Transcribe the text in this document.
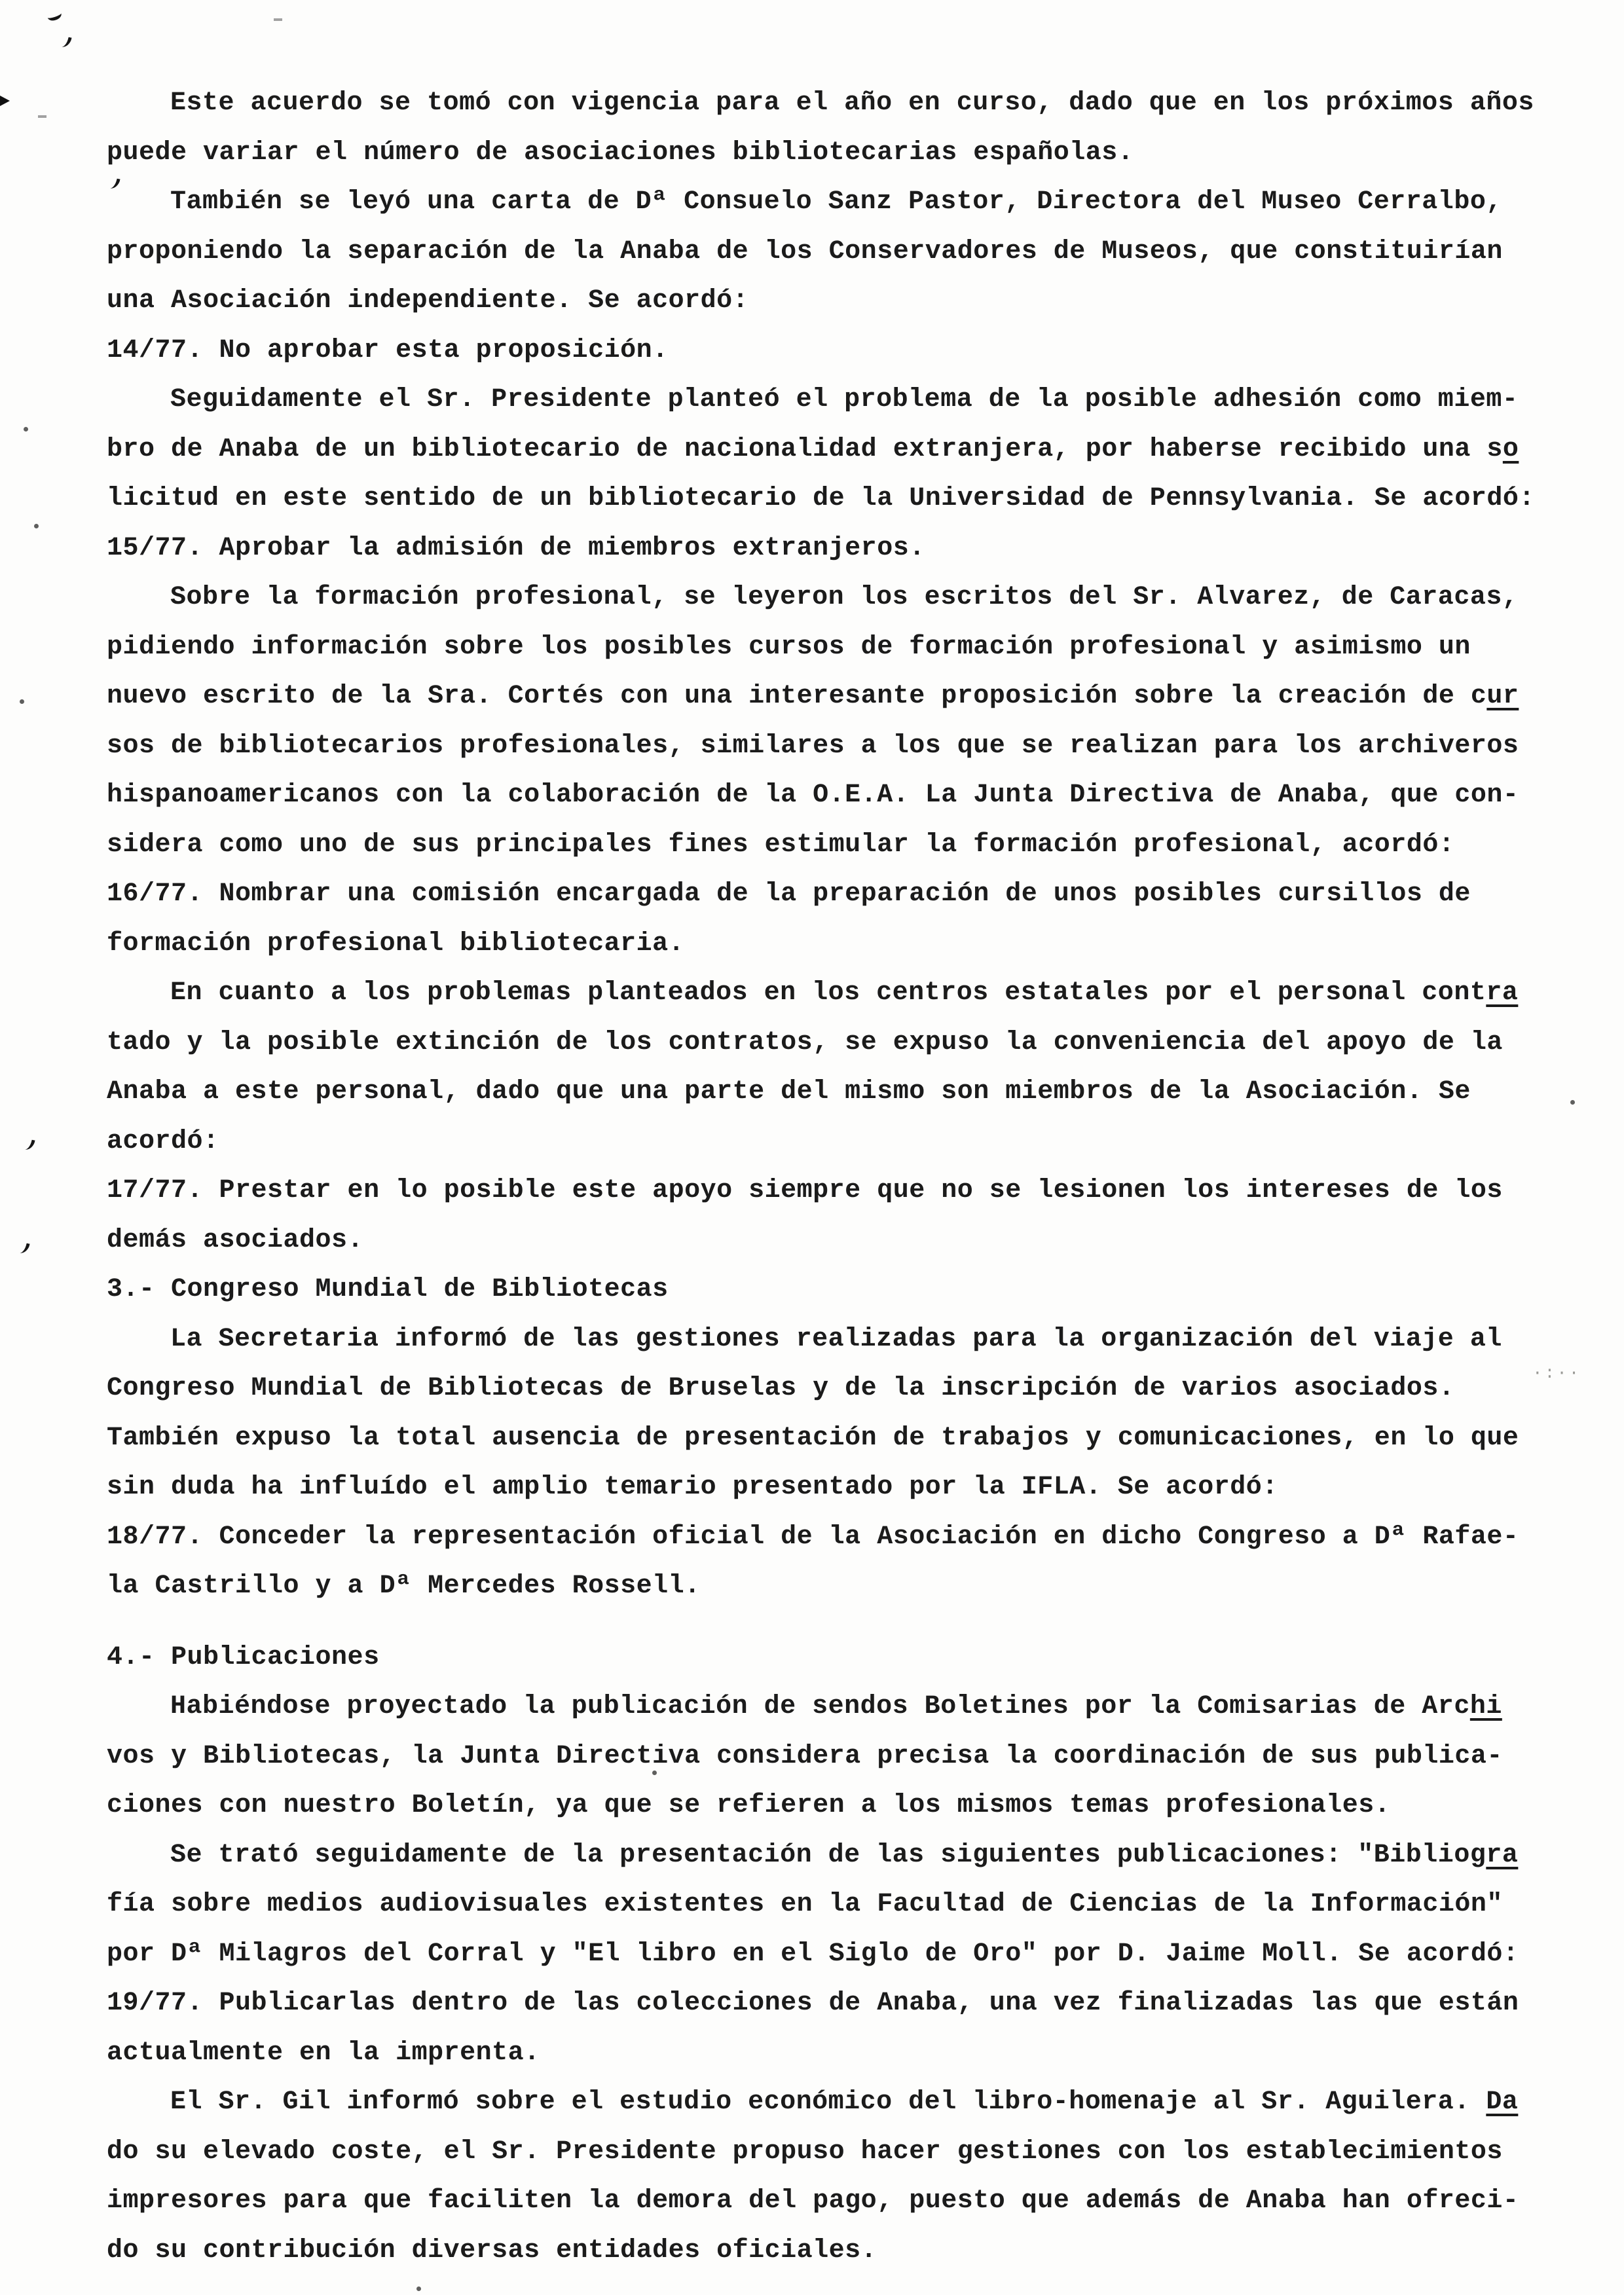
Este acuerdo se tomó con vigencia para el año en curso, dado que en los próximos años
puede variar el número de asociaciones bibliotecarias españolas.
También se leyó una carta de Dª Consuelo Sanz Pastor, Directora del Museo Cerralbo,
proponiendo la separación de la Anaba de los Conservadores de Museos, que constituirían
una Asociación independiente. Se acordó:
14/77. No aprobar esta proposición.
Seguidamente el Sr. Presidente planteó el problema de la posible adhesión como miem-
bro de Anaba de un bibliotecario de nacionalidad extranjera, por haberse recibido una so
licitud en este sentido de un bibliotecario de la Universidad de Pennsylvania. Se acordó:
15/77. Aprobar la admisión de miembros extranjeros.
Sobre la formación profesional, se leyeron los escritos del Sr. Alvarez, de Caracas,
pidiendo información sobre los posibles cursos de formación profesional y asimismo un
nuevo escrito de la Sra. Cortés con una interesante proposición sobre la creación de cur
sos de bibliotecarios profesionales, similares a los que se realizan para los archiveros
hispanoamericanos con la colaboración de la O.E.A. La Junta Directiva de Anaba, que con-
sidera como uno de sus principales fines estimular la formación profesional, acordó:
16/77. Nombrar una comisión encargada de la preparación de unos posibles cursillos de
formación profesional bibliotecaria.
En cuanto a los problemas planteados en los centros estatales por el personal contra
tado y la posible extinción de los contratos, se expuso la conveniencia del apoyo de la
Anaba a este personal, dado que una parte del mismo son miembros de la Asociación. Se
acordó:
17/77. Prestar en lo posible este apoyo siempre que no se lesionen los intereses de los
demás asociados.
3.- Congreso Mundial de Bibliotecas
La Secretaria informó de las gestiones realizadas para la organización del viaje al
Congreso Mundial de Bibliotecas de Bruselas y de la inscripción de varios asociados.
También expuso la total ausencia de presentación de trabajos y comunicaciones, en lo que
sin duda ha influído el amplio temario presentado por la IFLA. Se acordó:
18/77. Conceder la representación oficial de la Asociación en dicho Congreso a Dª Rafae-
la Castrillo y a Dª Mercedes Rossell.
4.- Publicaciones
Habiéndose proyectado la publicación de sendos Boletines por la Comisarias de Archi
vos y Bibliotecas, la Junta Directiva considera precisa la coordinación de sus publica-
ciones con nuestro Boletín, ya que se refieren a los mismos temas profesionales.
Se trató seguidamente de la presentación de las siguientes publicaciones: "Bibliogra
fía sobre medios audiovisuales existentes en la Facultad de Ciencias de la Información"
por Dª Milagros del Corral y "El libro en el Siglo de Oro" por D. Jaime Moll. Se acordó:
19/77. Publicarlas dentro de las colecciones de Anaba, una vez finalizadas las que están
actualmente en la imprenta.
El Sr. Gil informó sobre el estudio económico del libro-homenaje al Sr. Aguilera. Da
do su elevado coste, el Sr. Presidente propuso hacer gestiones con los establecimientos
impresores para que faciliten la demora del pago, puesto que además de Anaba han ofreci-
do su contribución diversas entidades oficiales.
·:··
